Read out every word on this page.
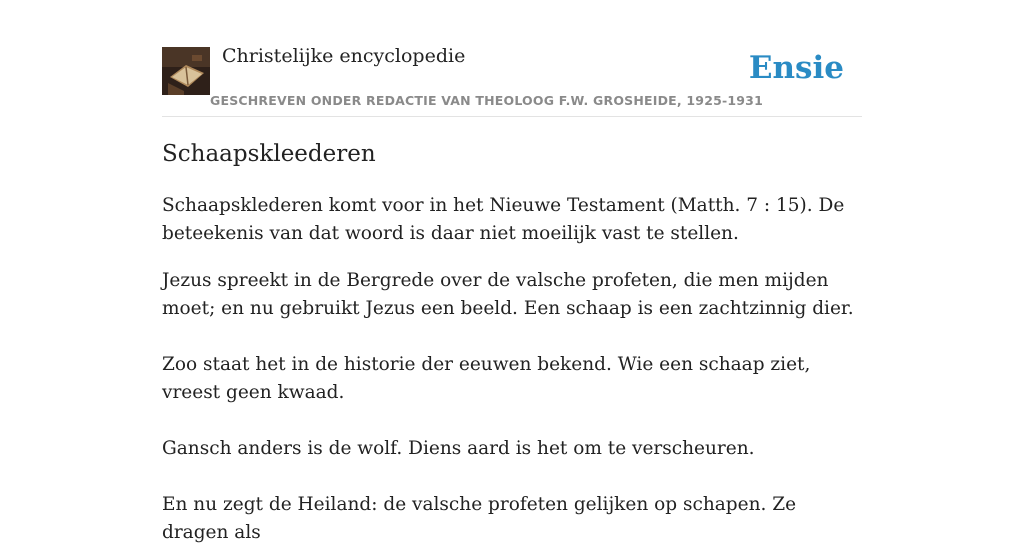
Christelijke encyclopedie
GESCHREVEN ONDER REDACTIE VAN THEOLOOG F.W. GROSHEIDE, 1925-1931
Ensie
Schaapskleederen

Schaapsklederen komt voor in het Nieuwe Testament (Matth. 7 : 15). De beteekenis van dat woord is daar niet moeilijk vast te stellen.

Jezus spreekt in de Bergrede over de valsche profeten, die men mijden moet; en nu gebruikt Jezus een beeld. Een schaap is een zachtzinnig dier.

Zoo staat het in de historie der eeuwen bekend. Wie een schaap ziet, vreest geen kwaad.

Gansch anders is de wolf. Diens aard is het om te verscheuren.

En nu zegt de Heiland: de valsche profeten gelijken op schapen. Ze dragen als
